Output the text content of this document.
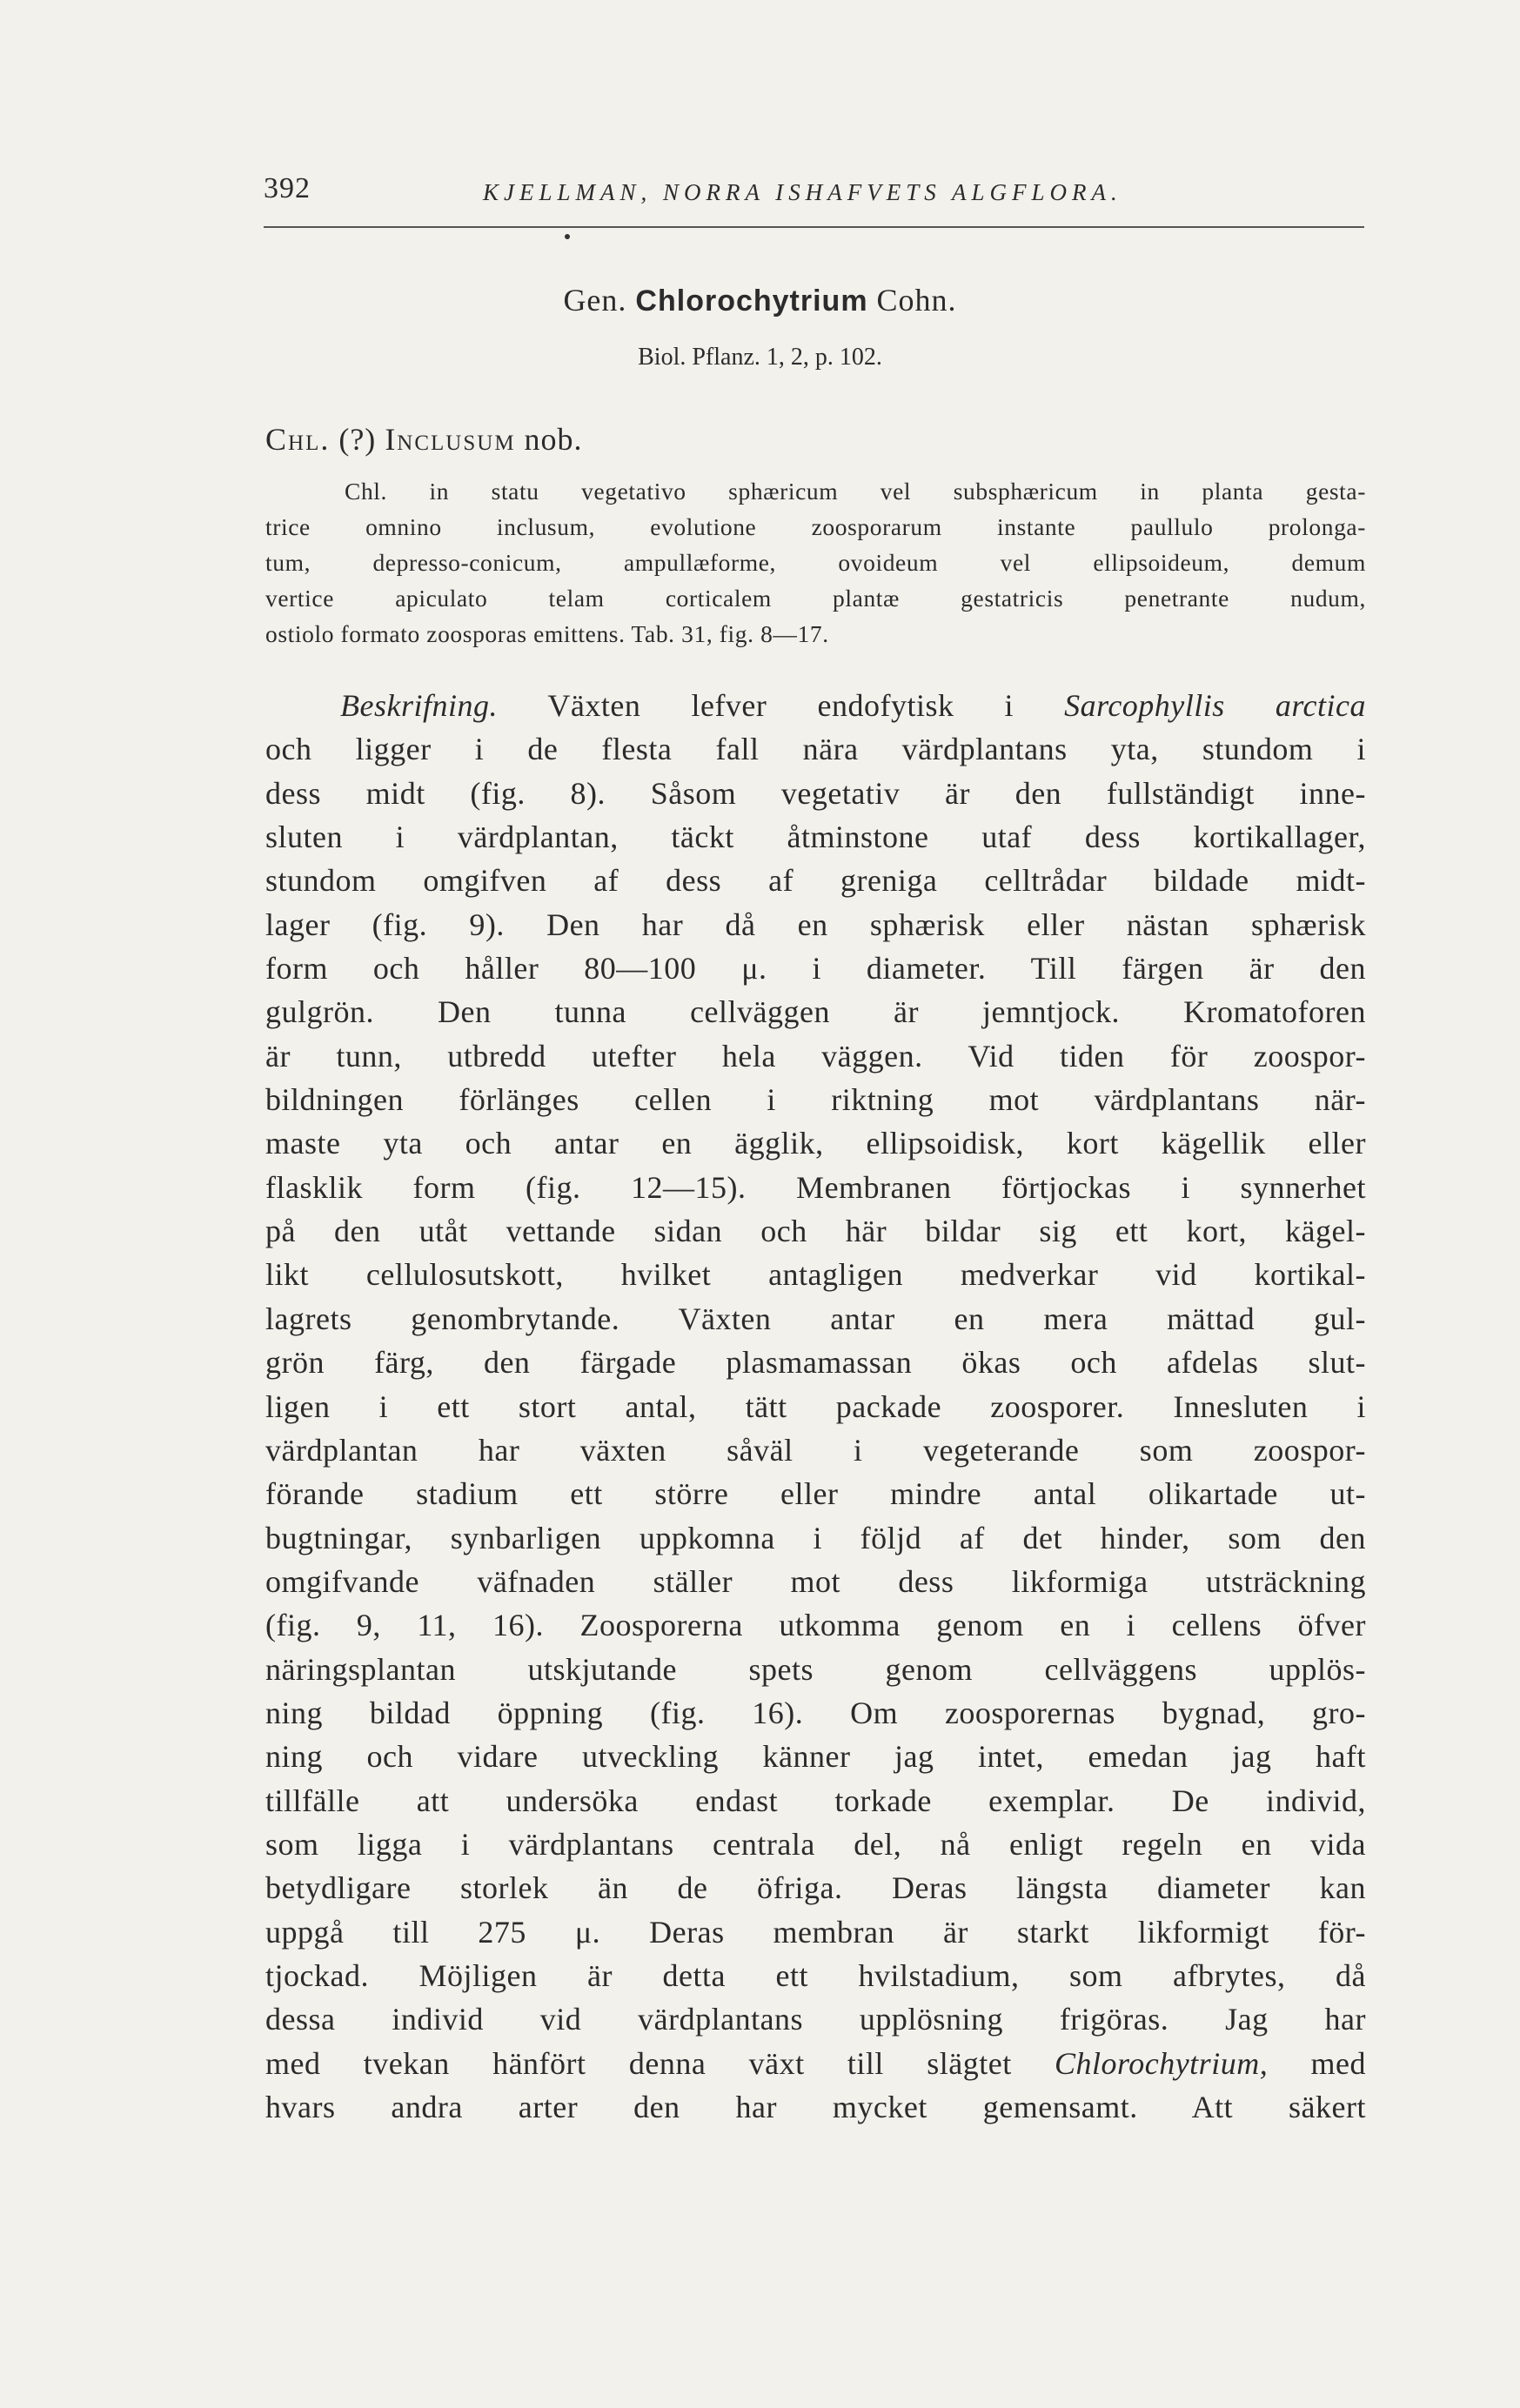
392	KJELLMAN, NORRA ISHAFVETS ALGFLORA.
Gen. Chlorochytrium Cohn.
Biol. Pflanz. 1, 2, p. 102.
Chl. (?) Inclusum nob.
Chl. in statu vegetativo sphæricum vel subsphæricum in planta gesta-
trice omnino inclusum, evolutione zoosporarum instante paullulo prolonga-
tum, depresso-conicum, ampullæforme, ovoideum vel ellipsoideum, demum
vertice apiculato telam corticalem plantæ gestatricis penetrante nudum,
ostiolo formato zoosporas emittens. Tab. 31, fig. 8—17.
Beskrifning. Växten lefver endofytisk i Sarcophyllis arctica
och ligger i de flesta fall nära värdplantans yta, stundom i
dess midt (fig. 8). Såsom vegetativ är den fullständigt inne-
sluten i värdplantan, täckt åtminstone utaf dess kortikallager,
stundom omgifven af dess af greniga celltrådar bildade midt-
lager (fig. 9). Den har då en sphærisk eller nästan sphærisk
form och håller 80—100 μ. i diameter. Till färgen är den
gulgrön. Den tunna cellväggen är jemntjock. Kromatoforen
är tunn, utbredd utefter hela väggen. Vid tiden för zoospor-
bildningen förlänges cellen i riktning mot värdplantans när-
maste yta och antar en ägglik, ellipsoidisk, kort kägellik eller
flasklik form (fig. 12—15). Membranen förtjockas i synnerhet
på den utåt vettande sidan och här bildar sig ett kort, kägel-
likt cellulosutskott, hvilket antagligen medverkar vid kortikal-
lagrets genombrytande. Växten antar en mera mättad gul-
grön färg, den färgade plasmamassan ökas och afdelas slut-
ligen i ett stort antal, tätt packade zoosporer. Innesluten i
värdplantan har växten såväl i vegeterande som zoospor-
förande stadium ett större eller mindre antal olikartade ut-
bugtningar, synbarligen uppkomna i följd af det hinder, som den
omgifvande väfnaden ställer mot dess likformiga utsträckning
(fig. 9, 11, 16). Zoosporerna utkomma genom en i cellens öfver
näringsplantan utskjutande spets genom cellväggens upplös-
ning bildad öppning (fig. 16). Om zoosporernas bygnad, gro-
ning och vidare utveckling känner jag intet, emedan jag haft
tillfälle att undersöka endast torkade exemplar. De individ,
som ligga i värdplantans centrala del, nå enligt regeln en vida
betydligare storlek än de öfriga. Deras längsta diameter kan
uppgå till 275 μ. Deras membran är starkt likformigt för-
tjockad. Möjligen är detta ett hvilstadium, som afbrytes, då
dessa individ vid värdplantans upplösning frigöras. Jag har
med tvekan hänfört denna växt till slägtet Chlorochytrium, med
hvars andra arter den har mycket gemensamt. Att säkert
